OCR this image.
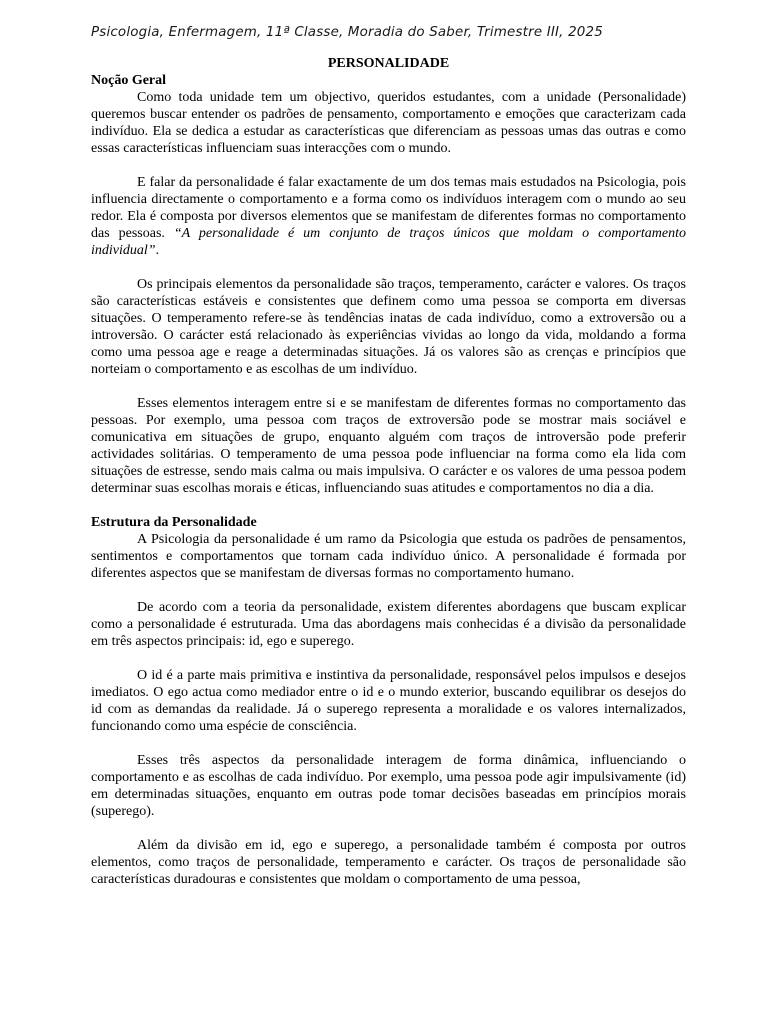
Psicologia, Enfermagem, 11ª Classe, Moradia do Saber, Trimestre III, 2025
PERSONALIDADE
Noção Geral

Como toda unidade tem um objectivo, queridos estudantes, com a unidade (Personalidade) queremos buscar entender os padrões de pensamento, comportamento e emoções que caracterizam cada indivíduo. Ela se dedica a estudar as características que diferenciam as pessoas umas das outras e como essas características influenciam suas interacções com o mundo.

E falar da personalidade é falar exactamente de um dos temas mais estudados na Psicologia, pois influencia directamente o comportamento e a forma como os indivíduos interagem com o mundo ao seu redor. Ela é composta por diversos elementos que se manifestam de diferentes formas no comportamento das pessoas. “A personalidade é um conjunto de traços únicos que moldam o comportamento individual”.

Os principais elementos da personalidade são traços, temperamento, carácter e valores. Os traços são características estáveis e consistentes que definem como uma pessoa se comporta em diversas situações. O temperamento refere-se às tendências inatas de cada indivíduo, como a extroversão ou a introversão. O carácter está relacionado às experiências vividas ao longo da vida, moldando a forma como uma pessoa age e reage a determinadas situações. Já os valores são as crenças e princípios que norteiam o comportamento e as escolhas de um indivíduo.

Esses elementos interagem entre si e se manifestam de diferentes formas no comportamento das pessoas. Por exemplo, uma pessoa com traços de extroversão pode se mostrar mais sociável e comunicativa em situações de grupo, enquanto alguém com traços de introversão pode preferir actividades solitárias. O temperamento de uma pessoa pode influenciar na forma como ela lida com situações de estresse, sendo mais calma ou mais impulsiva. O carácter e os valores de uma pessoa podem determinar suas escolhas morais e éticas, influenciando suas atitudes e comportamentos no dia a dia.

Estrutura da Personalidade

A Psicologia da personalidade é um ramo da Psicologia que estuda os padrões de pensamentos, sentimentos e comportamentos que tornam cada indivíduo único. A personalidade é formada por diferentes aspectos que se manifestam de diversas formas no comportamento humano.

De acordo com a teoria da personalidade, existem diferentes abordagens que buscam explicar como a personalidade é estruturada. Uma das abordagens mais conhecidas é a divisão da personalidade em três aspectos principais: id, ego e superego.

O id é a parte mais primitiva e instintiva da personalidade, responsável pelos impulsos e desejos imediatos. O ego actua como mediador entre o id e o mundo exterior, buscando equilibrar os desejos do id com as demandas da realidade. Já o superego representa a moralidade e os valores internalizados, funcionando como uma espécie de consciência.

Esses três aspectos da personalidade interagem de forma dinâmica, influenciando o comportamento e as escolhas de cada indivíduo. Por exemplo, uma pessoa pode agir impulsivamente (id) em determinadas situações, enquanto em outras pode tomar decisões baseadas em princípios morais (superego).

Além da divisão em id, ego e superego, a personalidade também é composta por outros elementos, como traços de personalidade, temperamento e carácter. Os traços de personalidade são características duradouras e consistentes que moldam o comportamento de uma pessoa,
